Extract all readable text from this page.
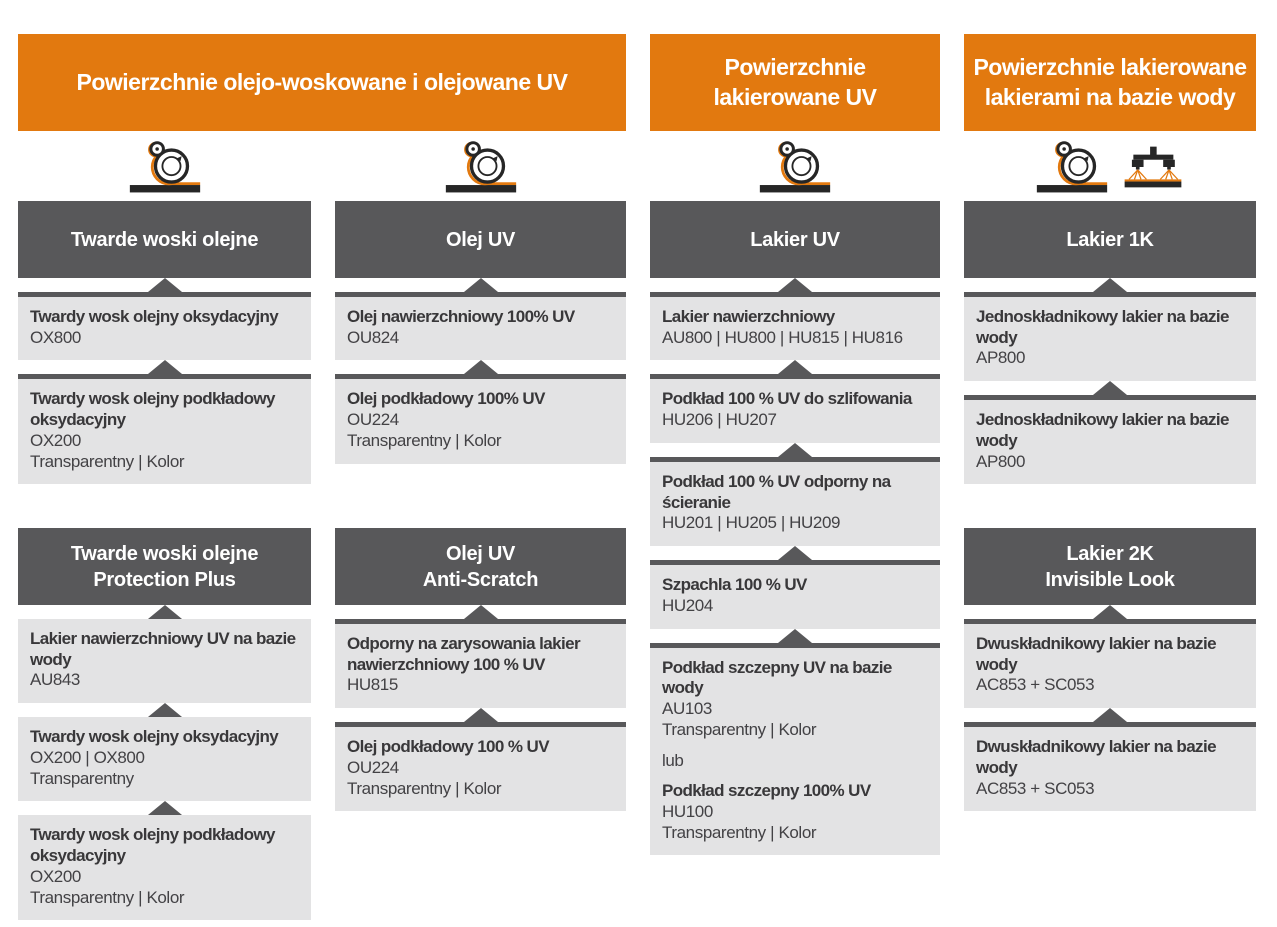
Powierzchnie olejo-woskowane i olejowane UV
Powierzchnie
lakierowane UV
Powierzchnie lakierowane
lakierami na bazie wody
Twarde woski olejne
Twardy wosk olejny oksydacyjny
OX800
Twardy wosk olejny podkładowy oksydacyjny
OX200
Transparentny | Kolor
Twarde woski olejne
Protection Plus
Lakier nawierzchniowy UV na bazie wody
AU843
Twardy wosk olejny oksydacyjny
OX200 | OX800
Transparentny
Twardy wosk olejny podkładowy oksydacyjny
OX200
Transparentny | Kolor
Olej UV
Olej nawierzchniowy 100% UV
OU824
Olej podkładowy 100% UV
OU224
Transparentny | Kolor
Olej UV
Anti-Scratch
Odporny na zarysowania lakier nawierzchniowy 100 % UV
HU815
Olej podkładowy 100 % UV
OU224
Transparentny | Kolor
Lakier UV
Lakier nawierzchniowy
AU800 | HU800 | HU815 | HU816
Podkład 100 % UV do szlifowania
HU206 | HU207
Podkład 100 % UV odporny na ścieranie
HU201 | HU205 | HU209
Szpachla 100 % UV
HU204
Podkład szczepny UV na bazie wody
AU103
Transparentny | Kolor
lub
Podkład szczepny 100% UV
HU100
Transparentny | Kolor
Lakier 1K
Jednoskładnikowy lakier na bazie wody
AP800
Jednoskładnikowy lakier na bazie wody
AP800
Lakier 2K
Invisible Look
Dwuskładnikowy lakier na bazie wody
AC853 + SC053
Dwuskładnikowy lakier na bazie wody
AC853 + SC053
